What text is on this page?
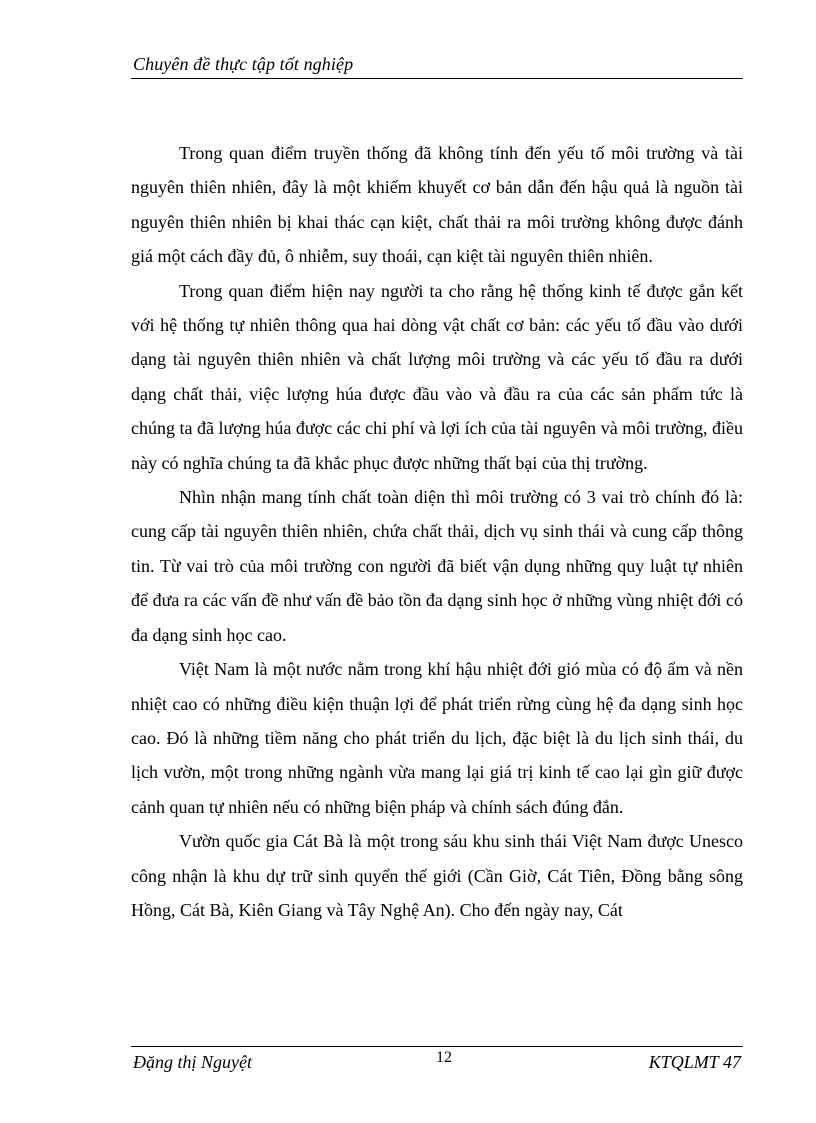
Chuyên đề thực tập tốt nghiệp

Trong quan điểm truyền thống đã không tính đến yếu tố môi trường và tài nguyên thiên nhiên, đây là một khiếm khuyết cơ bản dẫn đến hậu quả là nguồn tài nguyên thiên nhiên bị khai thác cạn kiệt, chất thải ra môi trường không được đánh giá một cách đầy đủ, ô nhiễm, suy thoái, cạn kiệt tài nguyên thiên nhiên.

Trong quan điểm hiện nay người ta cho rằng hệ thống kinh tế được gắn kết với hệ thống tự nhiên thông qua hai dòng vật chất cơ bản: các yếu tố đầu vào dưới dạng tài nguyên thiên nhiên và chất lượng môi trường và các yếu tố đầu ra dưới dạng chất thải, việc lượng húa được đầu vào và đầu ra của các sản phẩm tức là chúng ta đã lượng húa được các chi phí và lợi ích của tài nguyên và môi trường, điều này có nghĩa chúng ta đã khắc phục được những thất bại của thị trường.

Nhìn nhận mang tính chất toàn diện thì môi trường có 3 vai trò chính đó là: cung cấp tài nguyên thiên nhiên, chứa chất thải, dịch vụ sinh thái và cung cấp thông tin. Từ vai trò của môi trường con người đã biết vận dụng những quy luật tự nhiên để đưa ra các vấn đề như vấn đề bảo tồn đa dạng sinh học ở những vùng nhiệt đới có đa dạng sinh học cao.

Việt Nam là một nước nằm trong khí hậu nhiệt đới gió mùa có độ ẩm và nền nhiệt cao có những điều kiện thuận lợi để phát triển rừng cùng hệ đa dạng sinh học cao. Đó là những tiềm năng cho phát triển du lịch, đặc biệt là du lịch sinh thái, du lịch vườn, một trong những ngành vừa mang lại giá trị kinh tế cao lại gìn giữ được cảnh quan tự nhiên nếu có những biện pháp và chính sách đúng đắn.

Vườn quốc gia Cát Bà là một trong sáu khu sinh thái Việt Nam được Unesco công nhận là khu dự trữ sinh quyển thế giới (Cần Giờ, Cát Tiên, Đồng bằng sông Hồng, Cát Bà, Kiên Giang và Tây Nghệ An). Cho đến ngày nay, Cát

Đặng thị Nguyệt	12	KTQLMT 47
